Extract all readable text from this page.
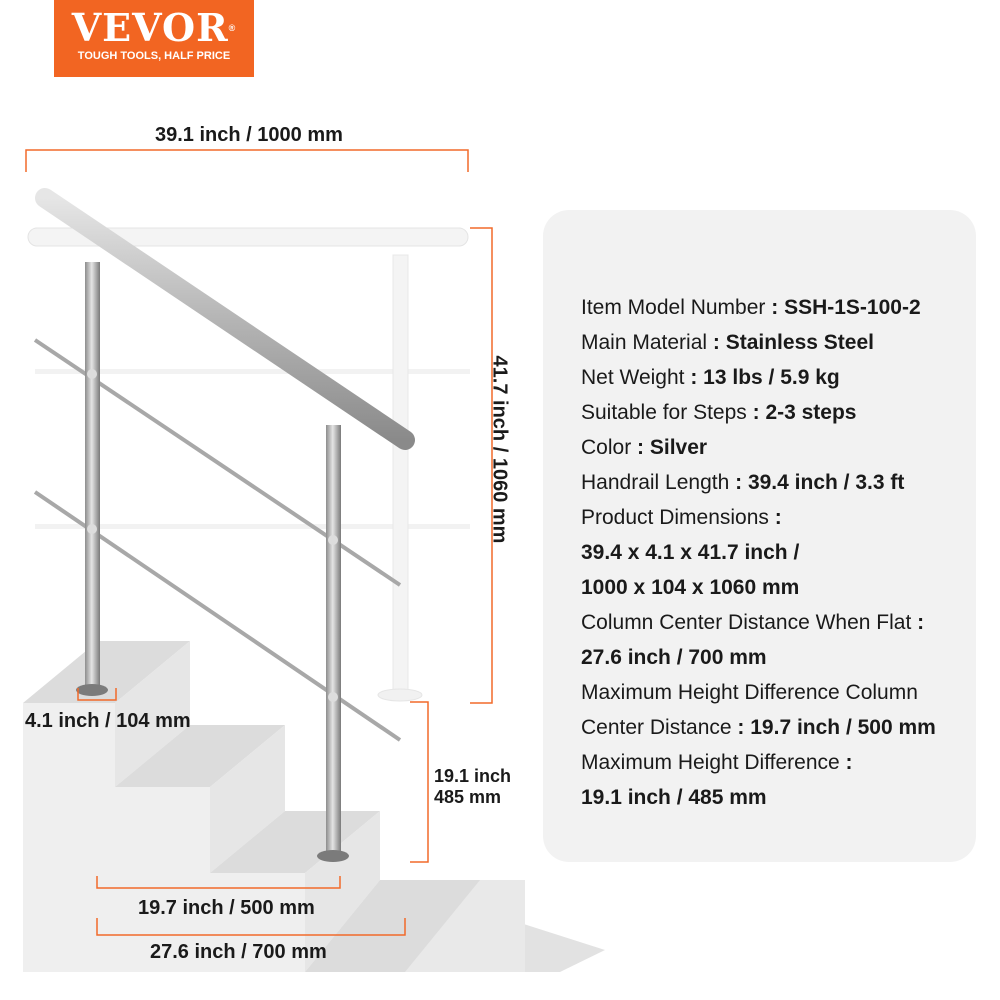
VEVOR®
TOUGH TOOLS, HALF PRICE
39.1 inch / 1000 mm
41.7 inch / 1060 mm
4.1 inch / 104 mm
19.1 inch
485 mm
19.7 inch / 500 mm
27.6 inch / 700 mm
Item Model Number : SSH-1S-100-2
Main Material : Stainless Steel
Net Weight : 13 lbs / 5.9 kg
Suitable for Steps : 2-3 steps
Color : Silver
Handrail Length : 39.4 inch / 3.3 ft
Product Dimensions :
39.4 x 4.1 x 41.7 inch /
1000 x 104 x 1060 mm
Column Center Distance When Flat :
27.6 inch / 700 mm
Maximum Height Difference Column
Center Distance : 19.7 inch / 500 mm
Maximum Height Difference :
19.1 inch / 485 mm
